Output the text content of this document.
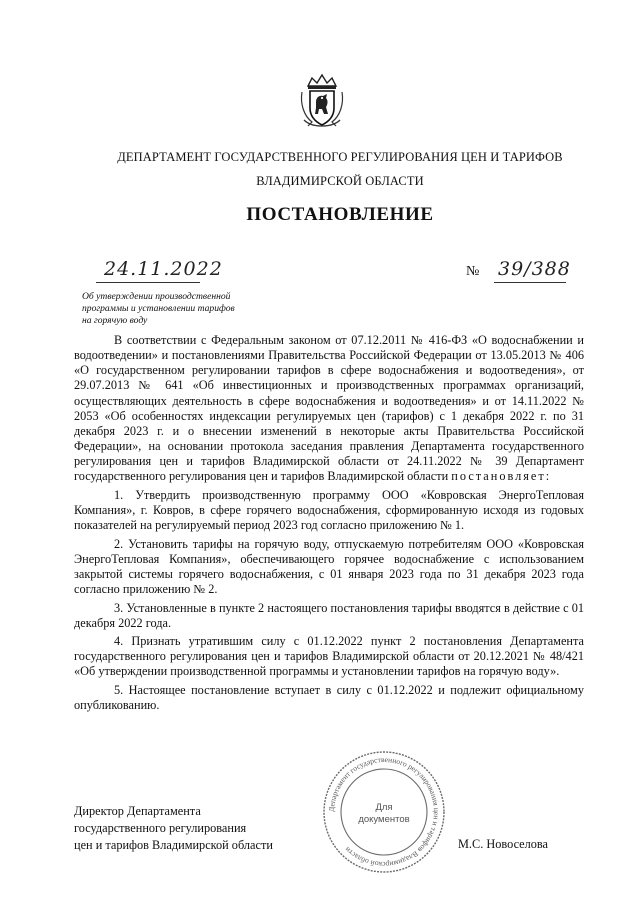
ДЕПАРТАМЕНТ ГОСУДАРСТВЕННОГО РЕГУЛИРОВАНИЯ ЦЕН И ТАРИФОВ
ВЛАДИМИРСКОЙ ОБЛАСТИ
ПОСТАНОВЛЕНИЕ
24.11.2022	№ 39/388
Об утверждении производственной
программы и установлении тарифов
на горячую воду

В соответствии с Федеральным законом от 07.12.2011 № 416-ФЗ «О водоснабжении и водоотведении» и постановлениями Правительства Российской Федерации от 13.05.2013 № 406 «О государственном регулировании тарифов в сфере водоснабжения и водоотведения», от 29.07.2013 № 641 «Об инвестиционных и производственных программах организаций, осуществляющих деятельность в сфере водоснабжения и водоотведения» и от 14.11.2022 № 2053 «Об особенностях индексации регулируемых цен (тарифов) с 1 декабря 2022 г. по 31 декабря 2023 г. и о внесении изменений в некоторые акты Правительства Российской Федерации», на основании протокола заседания правления Департамента государственного регулирования цен и тарифов Владимирской области от 24.11.2022 № 39 Департамент государственного регулирования цен и тарифов Владимирской области постановляет:

1. Утвердить производственную программу ООО «Ковровская ЭнергоТепловая Компания», г. Ковров, в сфере горячего водоснабжения, сформированную исходя из годовых показателей на регулируемый период 2023 год согласно приложению № 1.

2. Установить тарифы на горячую воду, отпускаемую потребителям ООО «Ковровская ЭнергоТепловая Компания», обеспечивающего горячее водоснабжение с использованием закрытой системы горячего водоснабжения, с 01 января 2023 года по 31 декабря 2023 года согласно приложению № 2.

3. Установленные в пункте 2 настоящего постановления тарифы вводятся в действие с 01 декабря 2022 года.

4. Признать утратившим силу с 01.12.2022 пункт 2 постановления Департамента государственного регулирования цен и тарифов Владимирской области от 20.12.2021 № 48/421 «Об утверждении производственной программы и установлении тарифов на горячую воду».

5. Настоящее постановление вступает в силу с 01.12.2022 и подлежит официальному опубликованию.

Директор Департамента
государственного регулирования
цен и тарифов Владимирской области	М.С. Новоселова
Департамент государственного регулирования цен и тарифов Владимирской области
Для
документов
